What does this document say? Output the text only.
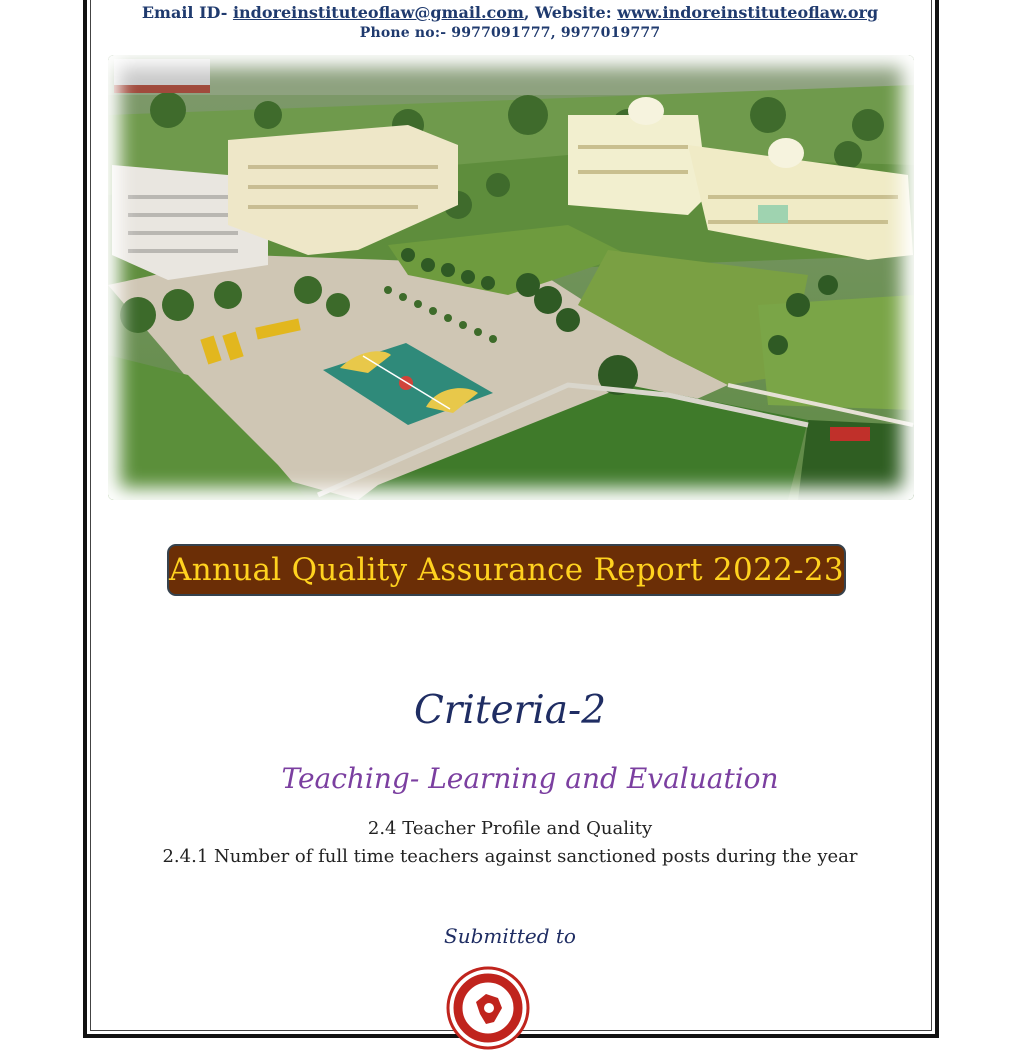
Email ID- indoreinstituteoflaw@gmail.com, Website: www.indoreinstituteoflaw.org
Phone no:- 9977091777, 9977019777
Annual Quality Assurance Report 2022-23
Criteria-2
Teaching- Learning and Evaluation
2.4 Teacher Profile and Quality
2.4.1 Number of full time teachers against sanctioned posts during the year
Submitted to
